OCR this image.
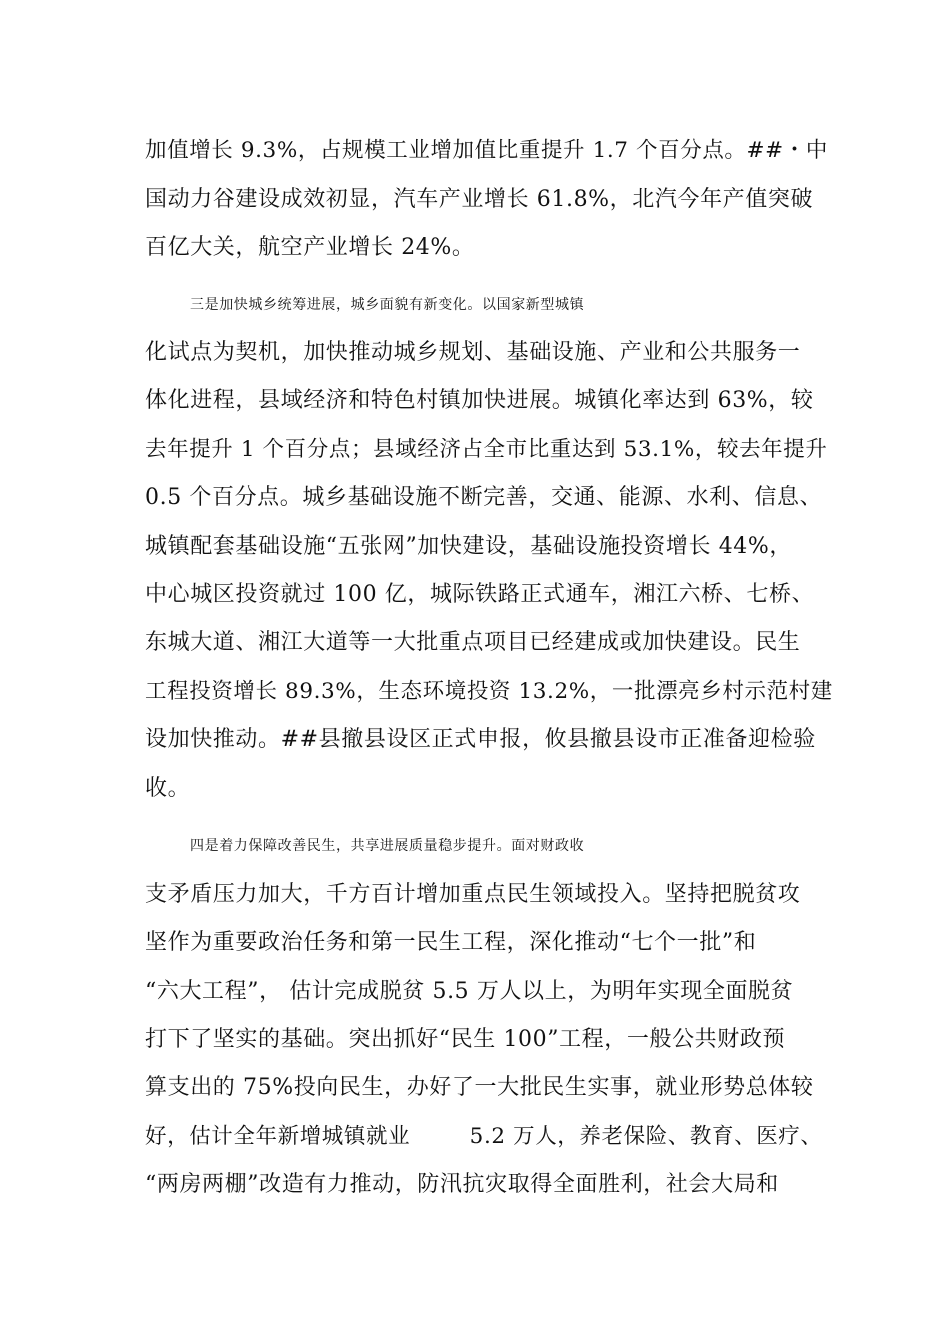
加值增长 9.3%，占规模工业增加值比重提升 1.7 个百分点。##・中
国动力谷建设成效初显，汽车产业增长 61.8%，北汽今年产值突破
百亿大关，航空产业增长 24%。
三是加快城乡统筹进展，城乡面貌有新变化。以国家新型城镇
化试点为契机，加快推动城乡规划、基础设施、产业和公共服务一
体化进程，县域经济和特色村镇加快进展。城镇化率达到 63%，较
去年提升 1 个百分点；县域经济占全市比重达到 53.1%，较去年提升
0.5 个百分点。城乡基础设施不断完善，交通、能源、水利、信息、
城镇配套基础设施“五张网”加快建设，基础设施投资增长 44%，
中心城区投资就过 100 亿，城际铁路正式通车，湘江六桥、七桥、
东城大道、湘江大道等一大批重点项目已经建成或加快建设。民生
工程投资增长 89.3%，生态环境投资 13.2%，一批漂亮乡村示范村建
设加快推动。##县撤县设区正式申报，攸县撤县设市正准备迎检验
收。
四是着力保障改善民生，共享进展质量稳步提升。面对财政收
支矛盾压力加大，千方百计增加重点民生领域投入。坚持把脱贫攻
坚作为重要政治任务和第一民生工程，深化推动“七个一批”和
“六大工程”， 估计完成脱贫 5.5 万人以上，为明年实现全面脱贫
打下了坚实的基础。突出抓好“民生 100”工程，一般公共财政预
算支出的 75%投向民生，办好了一大批民生实事，就业形势总体较
好，估计全年新增城镇就业        5.2 万人，养老保险、教育、医疗、
“两房两棚”改造有力推动，防汛抗灾取得全面胜利，社会大局和
